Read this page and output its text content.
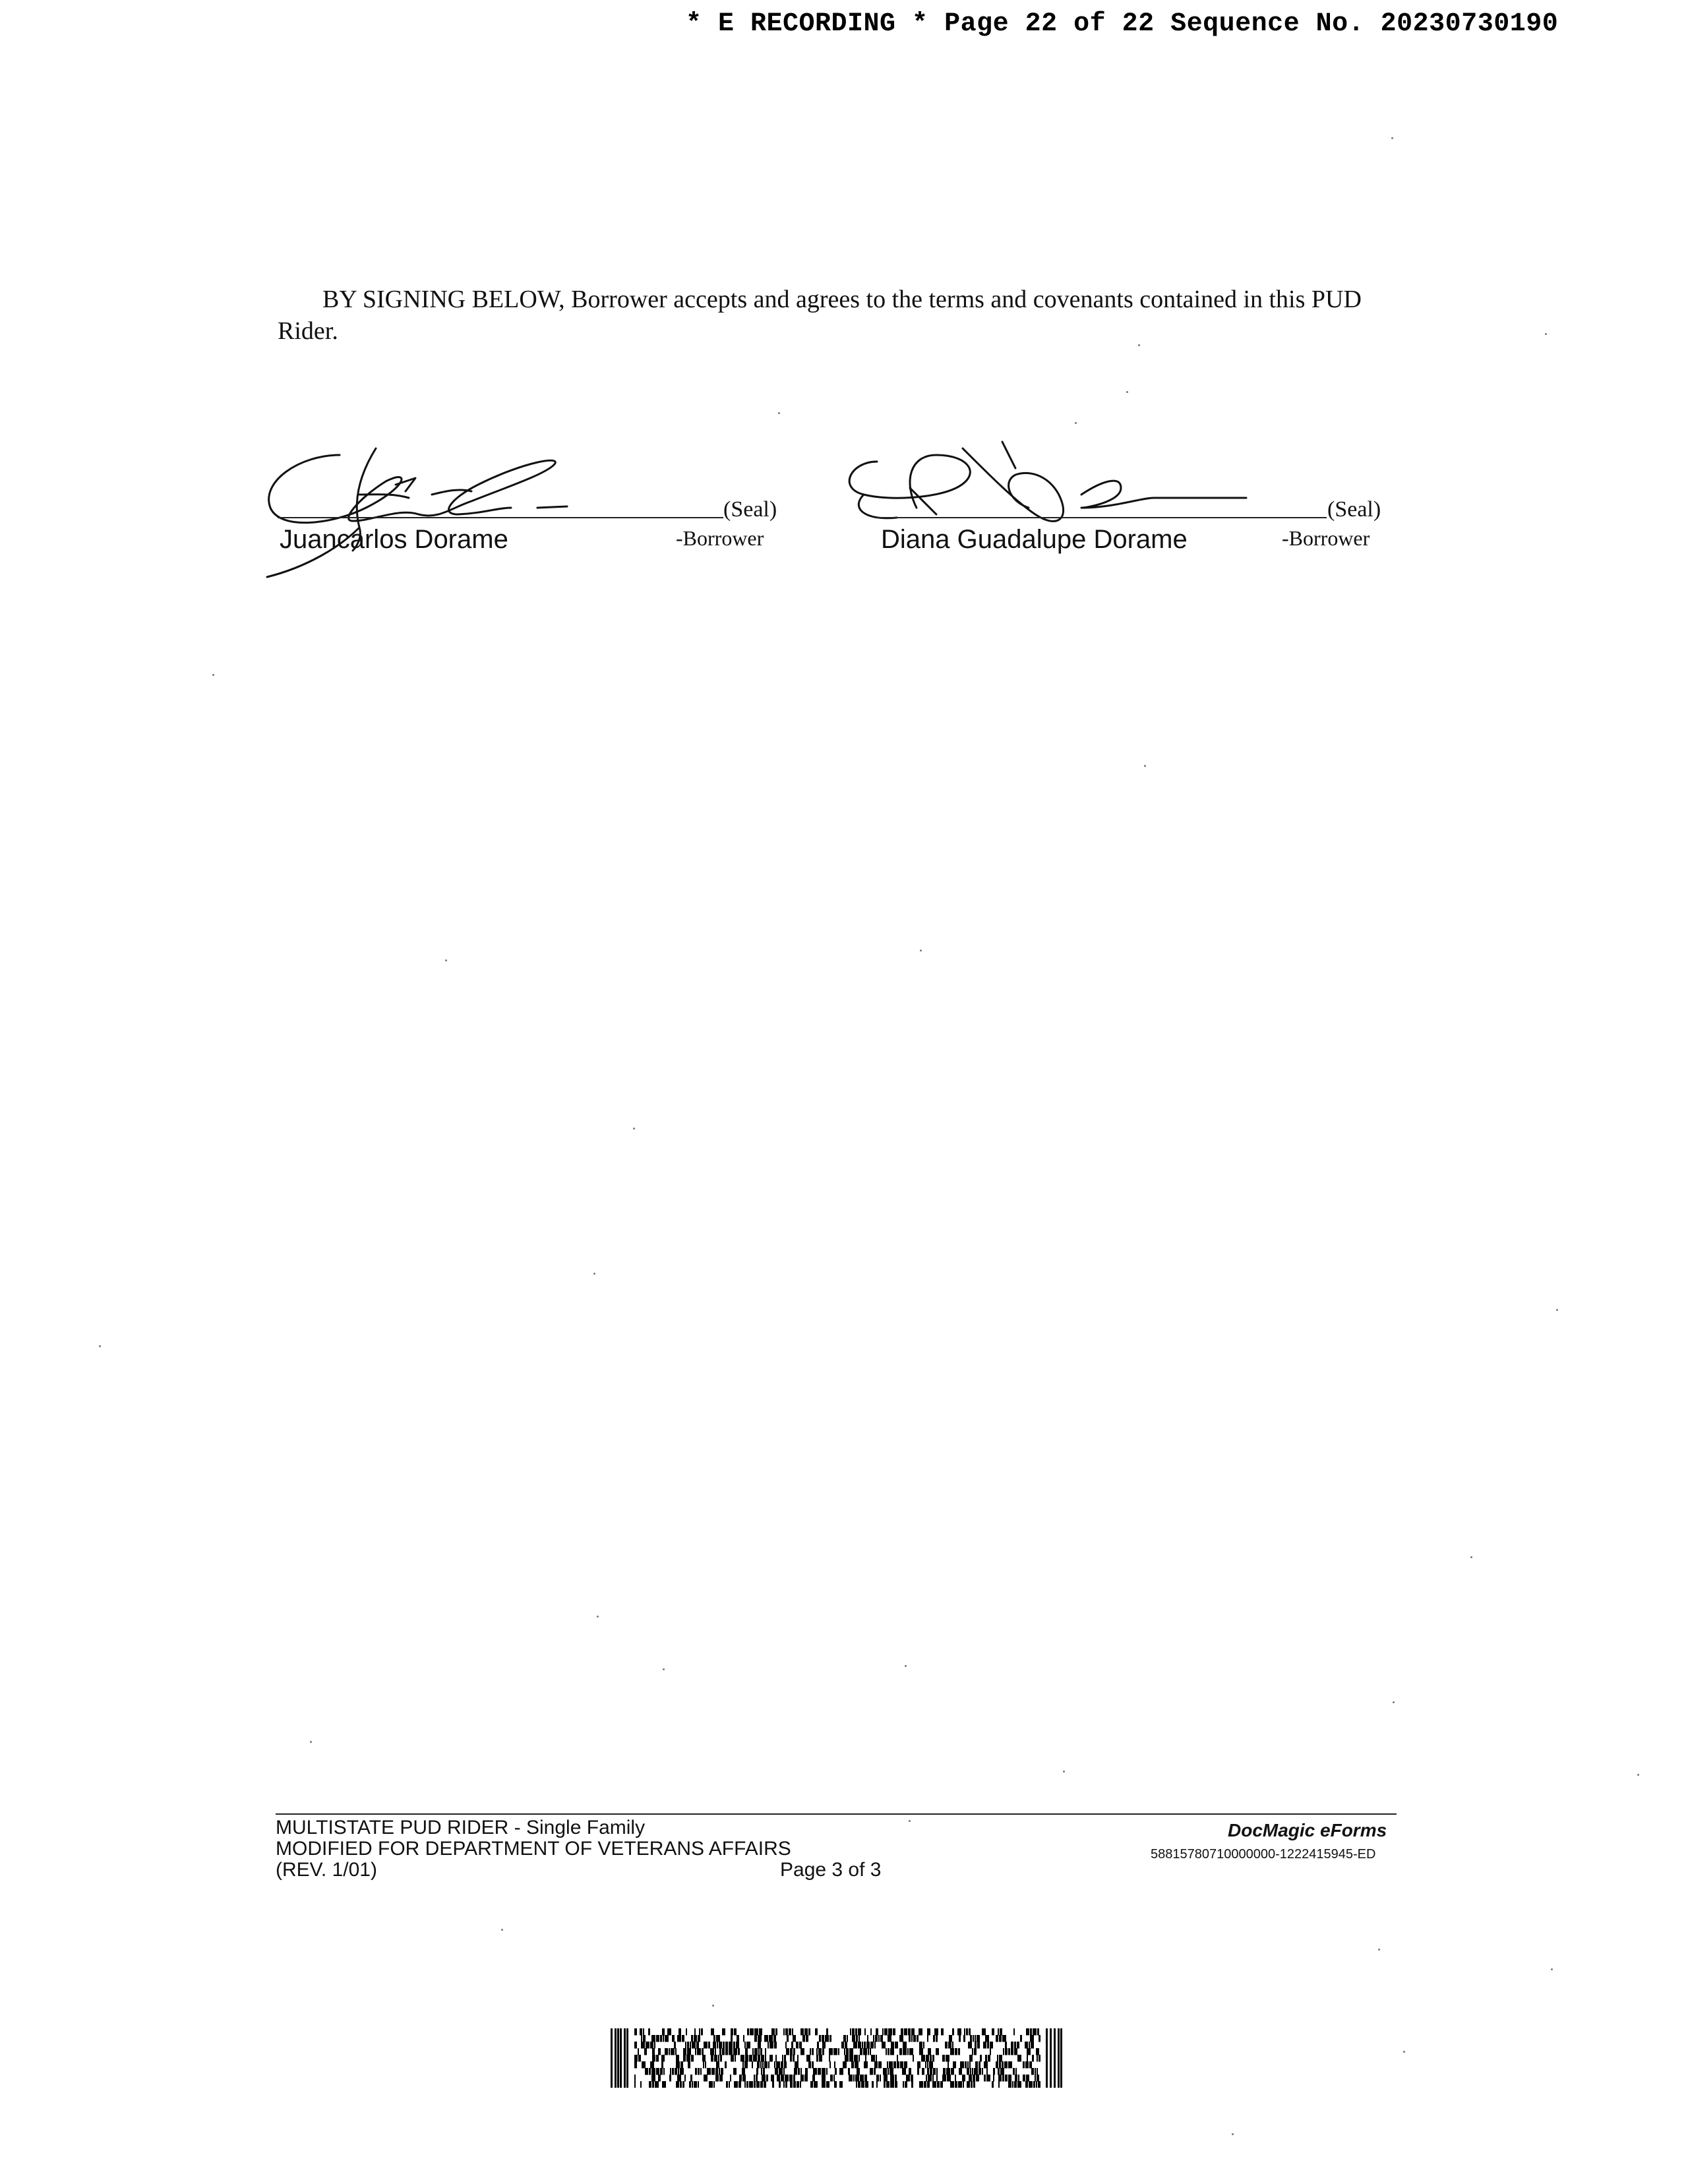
* E RECORDING * Page 22 of 22 Sequence No. 20230730190
BY SIGNING BELOW, Borrower accepts and agrees to the terms and covenants contained in this PUD
Rider.
(Seal)
Juancarlos Dorame	-Borrower
(Seal)
Diana Guadalupe Dorame	-Borrower
MULTISTATE PUD RIDER - Single Family
MODIFIED FOR DEPARTMENT OF VETERANS AFFAIRS
(REV. 1/01)	Page 3 of 3
DocMagic eForms
58815780710000000-1222415945-ED
